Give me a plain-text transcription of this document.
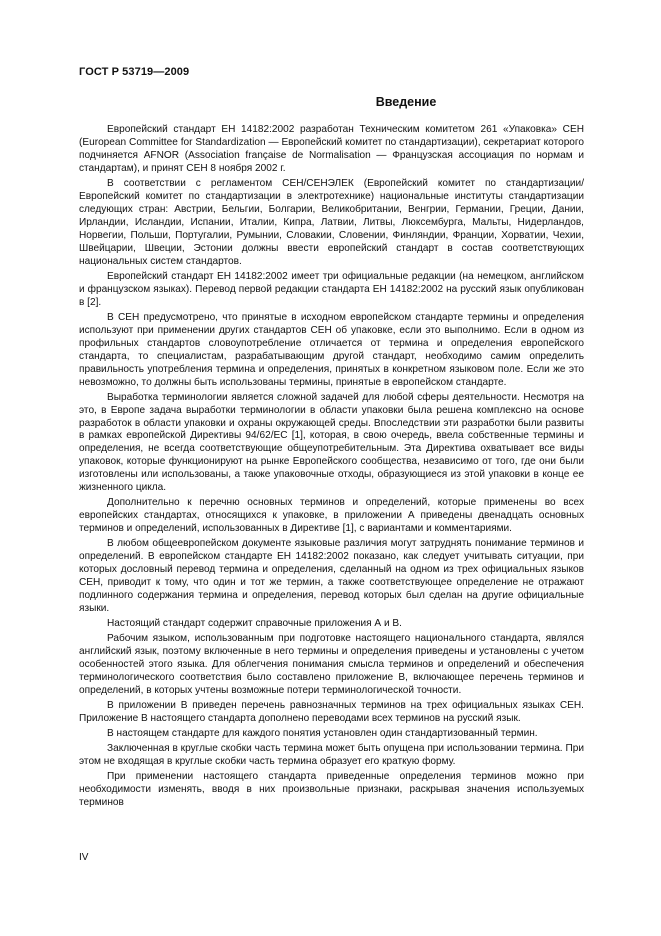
ГОСТ Р 53719—2009
Введение

Европейский стандарт ЕН 14182:2002 разработан Техническим комитетом 261 «Упаковка» СЕН (European Committee for Standardization — Европейский комитет по стандартизации), секретариат которого подчиняется AFNOR (Association française de Normalisation — Французская ассоциация по нормам и стандартам), и принят СЕН 8 ноября 2002 г.

В соответствии с регламентом СЕН/СЕНЭЛЕК (Европейский комитет по стандартизации/Европейский комитет по стандартизации в электротехнике) национальные институты стандартизации следующих стран: Австрии, Бельгии, Болгарии, Великобритании, Венгрии, Германии, Греции, Дании, Ирландии, Исландии, Испании, Италии, Кипра, Латвии, Литвы, Люксембурга, Мальты, Нидерландов, Норвегии, Польши, Португалии, Румынии, Словакии, Словении, Финляндии, Франции, Хорватии, Чехии, Швейцарии, Швеции, Эстонии должны ввести европейский стандарт в состав соответствующих национальных систем стандартов.

Европейский стандарт ЕН 14182:2002 имеет три официальные редакции (на немецком, английском и французском языках). Перевод первой редакции стандарта ЕН 14182:2002 на русский язык опубликован в [2].

В СЕН предусмотрено, что принятые в исходном европейском стандарте термины и определения используют при применении других стандартов СЕН об упаковке, если это выполнимо. Если в одном из профильных стандартов словоупотребление отличается от термина и определения европейского стандарта, то специалистам, разрабатывающим другой стандарт, необходимо самим определить правильность употребления термина и определения, принятых в конкретном языковом поле. Если же это невозможно, то должны быть использованы термины, принятые в европейском стандарте.

Выработка терминологии является сложной задачей для любой сферы деятельности. Несмотря на это, в Европе задача выработки терминологии в области упаковки была решена комплексно на основе разработок в области упаковки и охраны окружающей среды. Впоследствии эти разработки были развиты в рамках европейской Директивы 94/62/ЕС [1], которая, в свою очередь, ввела собственные термины и определения, не всегда соответствующие общеупотребительным. Эта Директива охватывает все виды упаковок, которые функционируют на рынке Европейского сообщества, независимо от того, где они были изготовлены или использованы, а также упаковочные отходы, образующиеся из этой упаковки в конце ее жизненного цикла.

Дополнительно к перечню основных терминов и определений, которые применены во всех европейских стандартах, относящихся к упаковке, в приложении А приведены двенадцать основных терминов и определений, использованных в Директиве [1], с вариантами и комментариями.

В любом общеевропейском документе языковые различия могут затруднять понимание терминов и определений. В европейском стандарте ЕН 14182:2002 показано, как следует учитывать ситуации, при которых дословный перевод термина и определения, сделанный на одном из трех официальных языков СЕН, приводит к тому, что один и тот же термин, а также соответствующее определение не отражают подлинного содержания термина и определения, перевод которых был сделан на другие официальные языки.

Настоящий стандарт содержит справочные приложения А и В.

Рабочим языком, использованным при подготовке настоящего национального стандарта, являлся английский язык, поэтому включенные в него термины и определения приведены и установлены с учетом особенностей этого языка. Для облегчения понимания смысла терминов и определений и обеспечения терминологического соответствия было составлено приложение В, включающее перечень терминов и определений, в которых учтены возможные потери терминологической точности.

В приложении В приведен перечень равнозначных терминов на трех официальных языках СЕН. Приложение В настоящего стандарта дополнено переводами всех терминов на русский язык.

В настоящем стандарте для каждого понятия установлен один стандартизованный термин.

Заключенная в круглые скобки часть термина может быть опущена при использовании термина. При этом не входящая в круглые скобки часть термина образует его краткую форму.

При применении настоящего стандарта приведенные определения терминов можно при необходимости изменять, вводя в них произвольные признаки, раскрывая значения используемых терминов

IV
